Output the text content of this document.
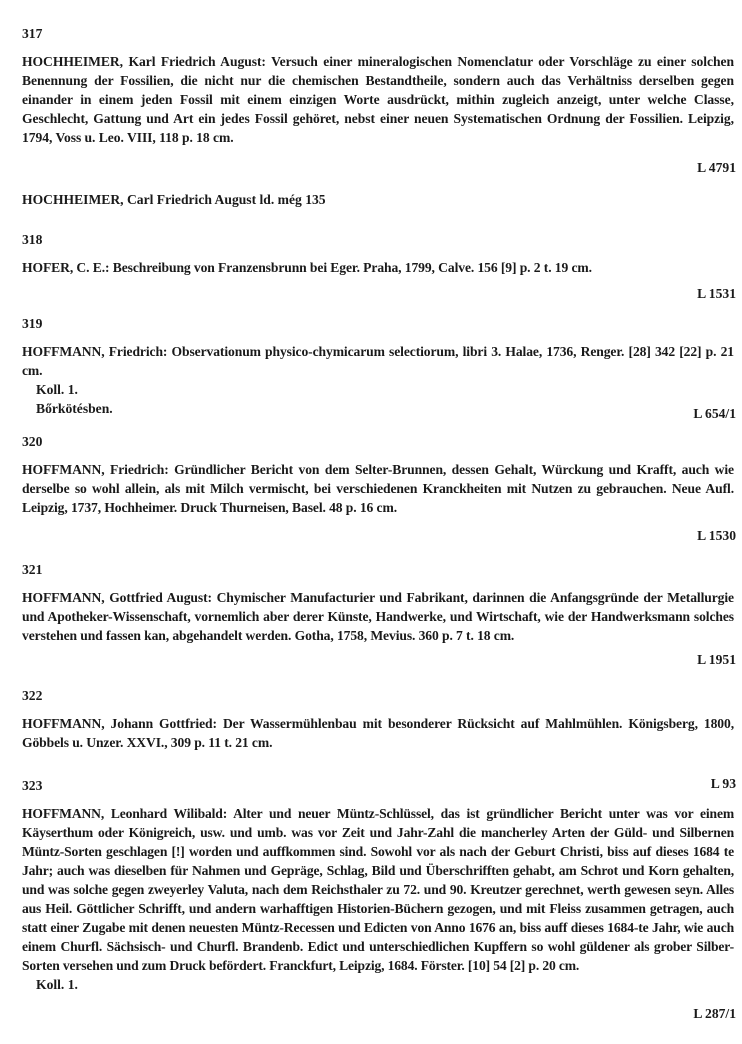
317
HOCHHEIMER, Karl Friedrich August: Versuch einer mineralogischen Nomenclatur oder Vorschläge zu einer solchen Benennung der Fossilien, die nicht nur die chemischen Bestandtheile, sondern auch das Verhältniss derselben gegen einander in einem jeden Fossil mit einem einzigen Worte ausdrückt, mithin zugleich anzeigt, unter welche Classe, Geschlecht, Gattung und Art ein jedes Fossil gehöret, nebst einer neuen Systematischen Ordnung der Fossilien. Leipzig, 1794, Voss u. Leo. VIII, 118 p. 18 cm.
L 4791
HOCHHEIMER, Carl Friedrich August ld. még 135
318
HOFER, C. E.: Beschreibung von Franzensbrunn bei Eger. Praha, 1799, Calve. 156 [9] p. 2 t. 19 cm.
L 1531
319
HOFFMANN, Friedrich: Observationum physico-chymicarum selectiorum, libri 3. Halae, 1736, Renger. [28] 342 [22] p. 21 cm.
Koll. 1.
Bőrkötésben.	L 654/1
320
HOFFMANN, Friedrich: Gründlicher Bericht von dem Selter-Brunnen, dessen Gehalt, Würckung und Krafft, auch wie derselbe so wohl allein, als mit Milch vermischt, bei verschiedenen Kranckheiten mit Nutzen zu gebrauchen. Neue Aufl. Leipzig, 1737, Hochheimer. Druck Thurneisen, Basel. 48 p. 16 cm.
L 1530
321
HOFFMANN, Gottfried August: Chymischer Manufacturier und Fabrikant, darinnen die Anfangsgründe der Metallurgie und Apotheker-Wissenschaft, vornemlich aber derer Künste, Handwerke, und Wirtschaft, wie der Handwerksmann solches verstehen und fassen kan, abgehandelt werden. Gotha, 1758, Mevius. 360 p. 7 t. 18 cm.
L 1951
322
HOFFMANN, Johann Gottfried: Der Wassermühlenbau mit besonderer Rücksicht auf Mahlmühlen. Königsberg, 1800, Göbbels u. Unzer. XXVI., 309 p. 11 t. 21 cm.
L 93
323
HOFFMANN, Leonhard Wilibald: Alter und neuer Müntz-Schlüssel, das ist gründlicher Bericht unter was vor einem Käyserthum oder Königreich, usw. und umb. was vor Zeit und Jahr-Zahl die mancherley Arten der Güld- und Silbernen Müntz-Sorten geschlagen [!] worden und auffkommen sind. Sowohl vor als nach der Geburt Christi, biss auf dieses 1684 te Jahr; auch was dieselben für Nahmen und Gepräge, Schlag, Bild und Überschrifften gehabt, am Schrot und Korn gehalten, und was solche gegen zweyerley Valuta, nach dem Reichsthaler zu 72. und 90. Kreutzer gerechnet, werth gewesen seyn. Alles aus Heil. Göttlicher Schrifft, und andern warhafftigen Historien-Büchern gezogen, und mit Fleiss zusammen getragen, auch statt einer Zugabe mit denen neuesten Müntz-Recessen und Edicten von Anno 1676 an, biss auff dieses 1684-te Jahr, wie auch einem Churfl. Sächsisch- und Churfl. Brandenb. Edict und unterschiedlichen Kupffern so wohl güldener als grober Silber-Sorten versehen und zum Druck befördert. Franckfurt, Leipzig, 1684. Förster. [10] 54 [2] p. 20 cm.
Koll. 1.
L 287/1
